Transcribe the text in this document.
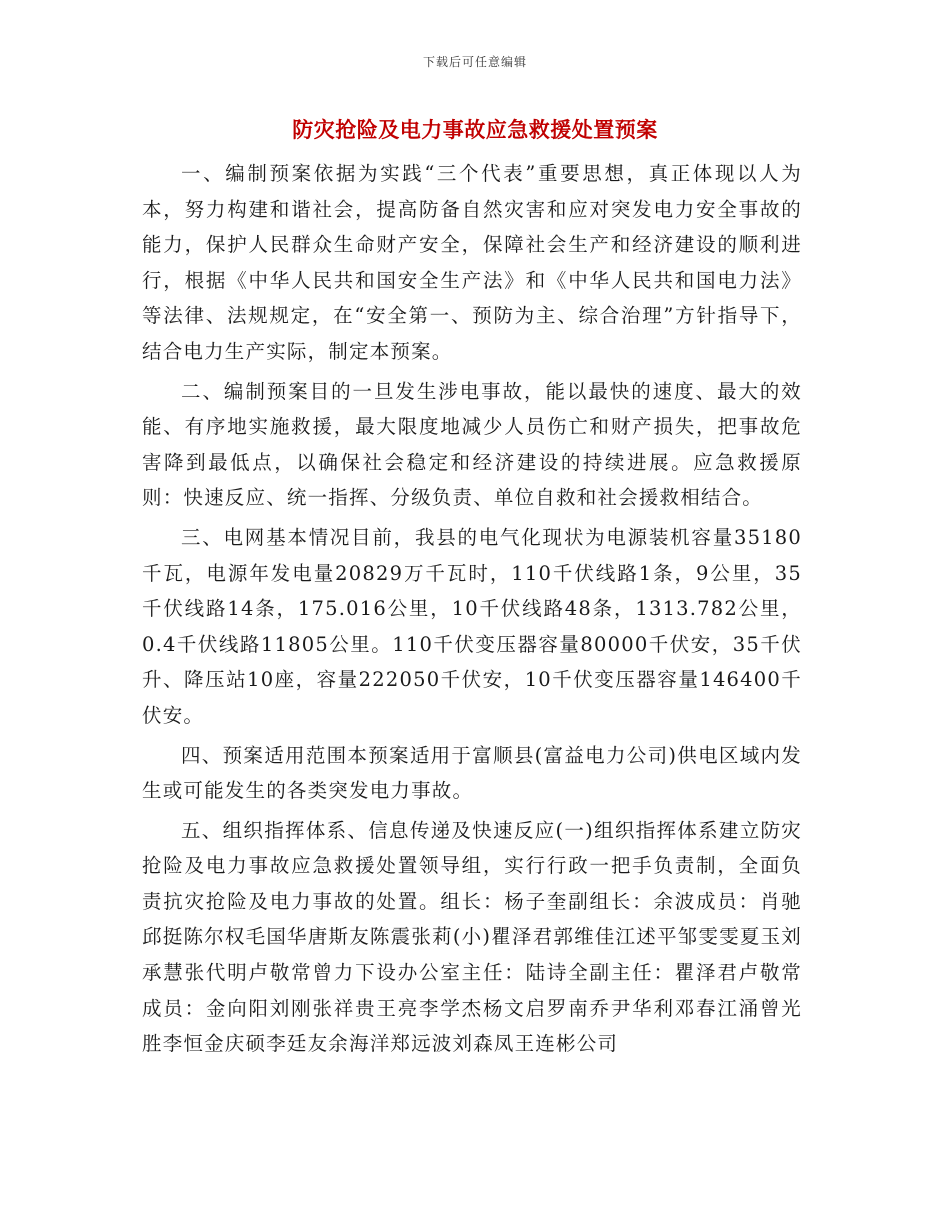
下载后可任意编辑
防灾抢险及电力事故应急救援处置预案

一、编制预案依据为实践“三个代表”重要思想，真正体现以人为本，努力构建和谐社会，提高防备自然灾害和应对突发电力安全事故的能力，保护人民群众生命财产安全，保障社会生产和经济建设的顺利进行，根据《中华人民共和国安全生产法》和《中华人民共和国电力法》等法律、法规规定，在“安全第一、预防为主、综合治理”方针指导下，结合电力生产实际，制定本预案。

二、编制预案目的一旦发生涉电事故，能以最快的速度、最大的效能、有序地实施救援，最大限度地减少人员伤亡和财产损失，把事故危害降到最低点，以确保社会稳定和经济建设的持续进展。应急救援原则：快速反应、统一指挥、分级负责、单位自救和社会援救相结合。

三、电网基本情况目前，我县的电气化现状为电源装机容量35180千瓦，电源年发电量20829万千瓦时，110千伏线路1条，9公里，35千伏线路14条，175.016公里，10千伏线路48条，1313.782公里，0.4千伏线路11805公里。110千伏变压器容量80000千伏安，35千伏升、降压站10座，容量222050千伏安，10千伏变压器容量146400千伏安。

四、预案适用范围本预案适用于富顺县(富益电力公司)供电区域内发生或可能发生的各类突发电力事故。

五、组织指挥体系、信息传递及快速反应(一)组织指挥体系建立防灾抢险及电力事故应急救援处置领导组，实行行政一把手负责制，全面负责抗灾抢险及电力事故的处置。组长：杨子奎副组长：余波成员：肖驰邱挺陈尔权毛国华唐斯友陈震张莉(小)瞿泽君郭维佳江述平邹雯雯夏玉刘承慧张代明卢敬常曾力下设办公室主任：陆诗全副主任：瞿泽君卢敬常成员：金向阳刘刚张祥贵王亮李学杰杨文启罗南乔尹华利邓春江涌曾光胜李恒金庆硕李廷友余海洋郑远波刘森凤王连彬公司
